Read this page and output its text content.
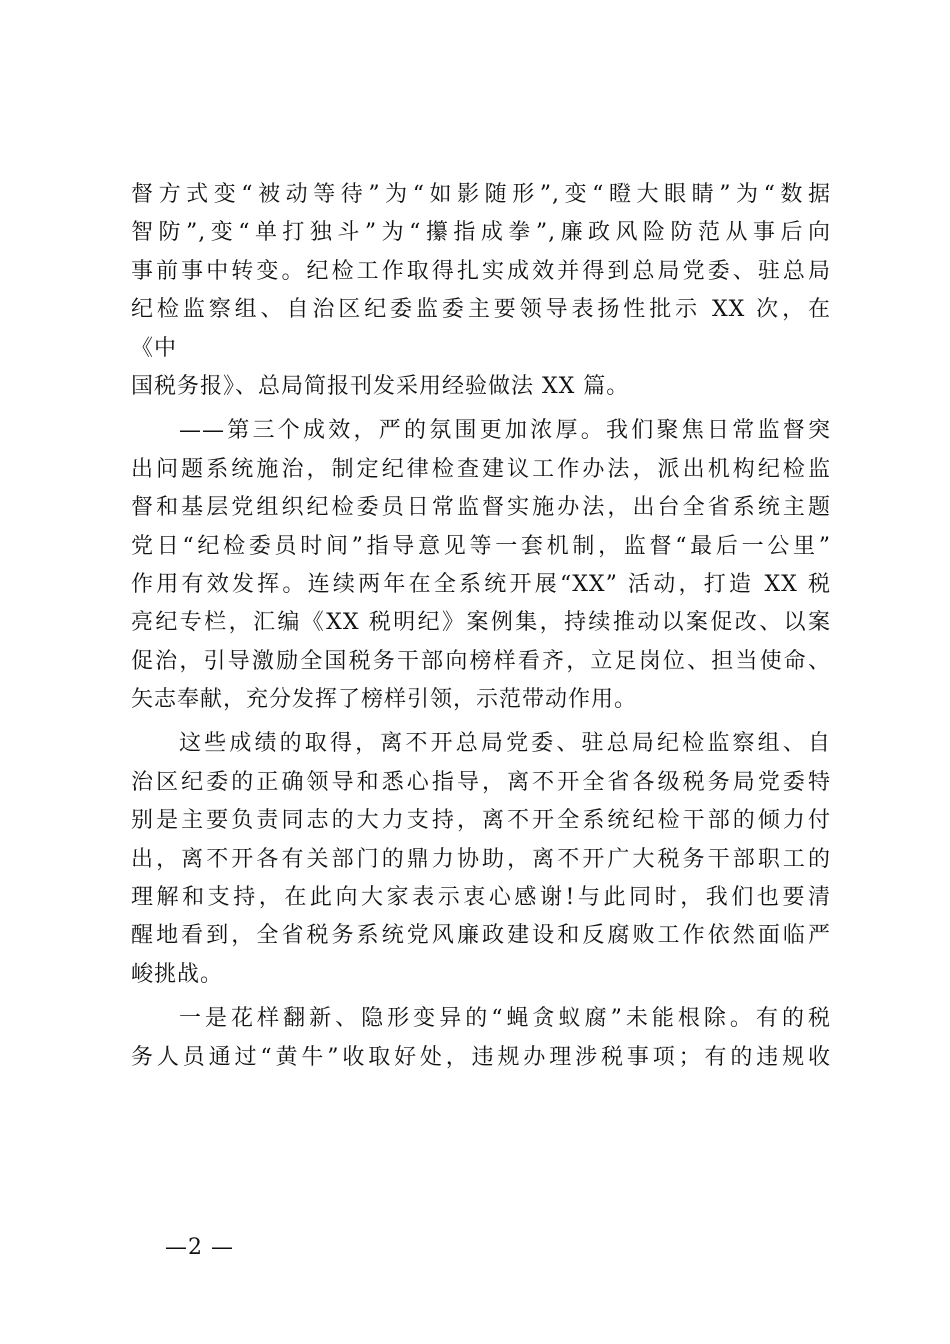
督方式变“被动等待”为“如影随形”,变“瞪大眼睛”为“数据
智防”,变“单打独斗”为“攥指成拳”,廉政风险防范从事后向
事前事中转变。纪检工作取得扎实成效并得到总局党委、驻总局
纪检监察组、自治区纪委监委主要领导表扬性批示 XX 次，在
《中
国税务报》、总局简报刊发采用经验做法 XX 篇。
——第三个成效，严的氛围更加浓厚。我们聚焦日常监督突
出问题系统施治，制定纪律检查建议工作办法，派出机构纪检监
督和基层党组织纪检委员日常监督实施办法，出台全省系统主题
党日“纪检委员时间”指导意见等一套机制，监督“最后一公里”
作用有效发挥。连续两年在全系统开展“XX” 活动，打造 XX 税
亮纪专栏，汇编《XX 税明纪》案例集，持续推动以案促改、以案
促治，引导激励全国税务干部向榜样看齐，立足岗位、担当使命、
矢志奉献，充分发挥了榜样引领，示范带动作用。
这些成绩的取得，离不开总局党委、驻总局纪检监察组、自
治区纪委的正确领导和悉心指导，离不开全省各级税务局党委特
别是主要负责同志的大力支持，离不开全系统纪检干部的倾力付
出，离不开各有关部门的鼎力协助，离不开广大税务干部职工的
理解和支持，在此向大家表示衷心感谢!与此同时，我们也要清
醒地看到，全省税务系统党风廉政建设和反腐败工作依然面临严
峻挑战。
一是花样翻新、隐形变异的“蝇贪蚁腐”未能根除。有的税
务人员通过“黄牛”收取好处，违规办理涉税事项；有的违规收
—2 —
